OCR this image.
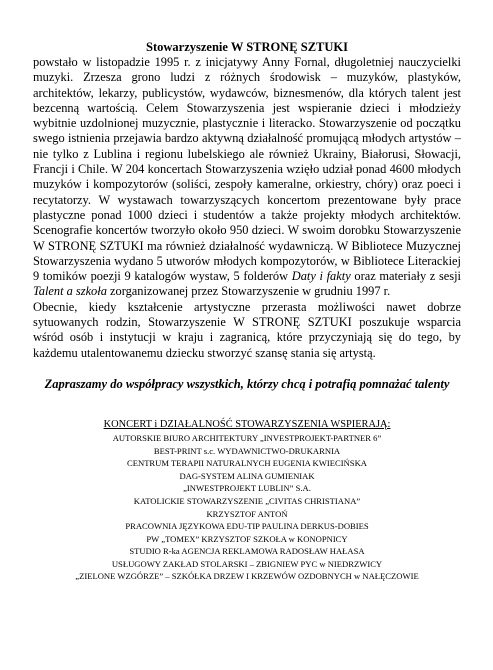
Stowarzyszenie W STRONĘ SZTUKI

powstało w listopadzie 1995 r. z inicjatywy Anny Fornal, długoletniej nauczycielki muzyki. Zrzesza grono ludzi z różnych środowisk – muzyków, plastyków, architektów, lekarzy, publicystów, wydawców, biznesmenów, dla których talent jest bezcenną wartością. Celem Stowarzyszenia jest wspieranie dzieci i młodzieży wybitnie uzdolnionej muzycznie, plastycznie i literacko. Stowarzyszenie od początku swego istnienia przejawia bardzo aktywną działalność promującą młodych artystów – nie tylko z Lublina i regionu lubelskiego ale również Ukrainy, Białorusi, Słowacji, Francji i Chile. W 204 koncertach Stowarzyszenia wzięło udział ponad 4600 młodych muzyków i kompozytorów (soliści, zespoły kameralne, orkiestry, chóry) oraz poeci i recytatorzy. W wystawach towarzyszących koncertom prezentowane były prace plastyczne ponad 1000 dzieci i studentów a także projekty młodych architektów. Scenografie koncertów tworzyło około 950 dzieci. W swoim dorobku Stowarzyszenie W STRONĘ SZTUKI ma również działalność wydawniczą. W Bibliotece Muzycznej Stowarzyszenia wydano 5 utworów młodych kompozytorów, w Bibliotece Literackiej 9 tomików poezji 9 katalogów wystaw, 5 folderów Daty i fakty oraz materiały z sesji Talent a szkoła zorganizowanej przez Stowarzyszenie w grudniu 1997 r.

Obecnie, kiedy kształcenie artystyczne przerasta możliwości nawet dobrze sytuowanych rodzin, Stowarzyszenie W STRONĘ SZTUKI poszukuje wsparcia wśród osób i instytucji w kraju i zagranicą, które przyczyniają się do tego, by każdemu utalentowanemu dziecku stworzyć szansę stania się artystą.

Zapraszamy do współpracy wszystkich, którzy chcą i potrafią pomnażać talenty
KONCERT i DZIAŁALNOŚĆ STOWARZYSZENIA WSPIERAJĄ:
AUTORSKIE BIURO ARCHITEKTURY „INVESTPROJEKT-PARTNER 6”
BEST-PRINT s.c. WYDAWNICTWO-DRUKARNIA
CENTRUM TERAPII NATURALNYCH EUGENIA KWIECIŃSKA
DAG-SYSTEM ALINA GUMIENIAK
„INWESTPROJEKT LUBLIN” S.A.
KATOLICKIE STOWARZYSZENIE „CIVITAS CHRISTIANA”
KRZYSZTOF ANTOŃ
PRACOWNIA JĘZYKOWA EDU-TIP PAULINA DERKUS-DOBIES
PW „TOMEX” KRZYSZTOF SZKOŁA w KONOPNICY
STUDIO R-ka AGENCJA REKLAMOWA RADOSŁAW HAŁASA
USŁUGOWY ZAKŁAD STOLARSKI – ZBIGNIEW PYC w NIEDRZWICY
„ZIELONE WZGÓRZE” – SZKÓŁKA DRZEW I KRZEWÓW OZDOBNYCH w NAŁĘCZOWIE
